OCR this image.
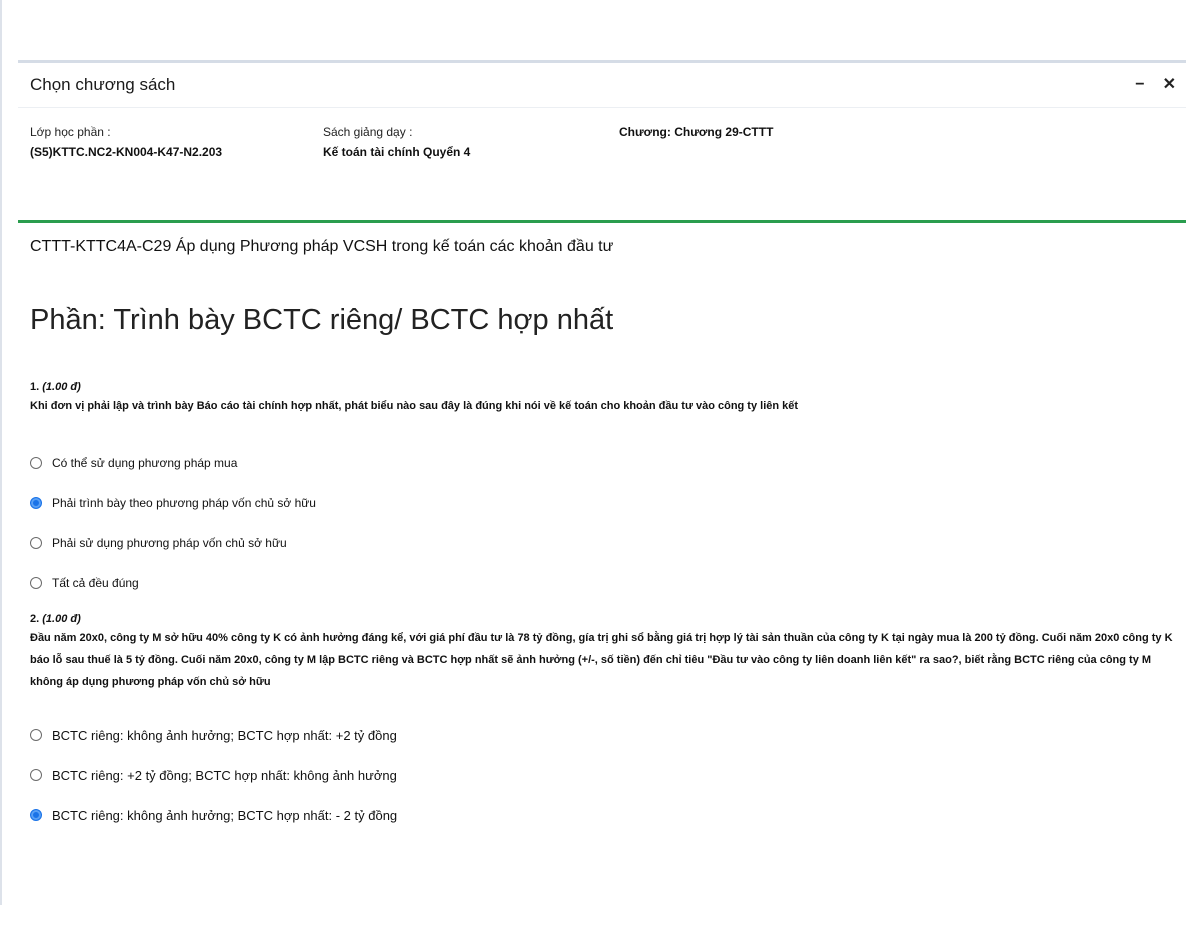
Chọn chương sách	− ✕
Lớp học phần :
(S5)KTTC.NC2-KN004-K47-N2.203
Sách giảng dạy :
Kế toán tài chính Quyển 4
Chương: Chương 29-CTTT
CTTT-KTTC4A-C29 Áp dụng Phương pháp VCSH trong kế toán các khoản đầu tư
Phần: Trình bày BCTC riêng/ BCTC hợp nhất
1. (1.00 đ)
Khi đơn vị phải lập và trình bày Báo cáo tài chính hợp nhất, phát biểu nào sau đây là đúng khi nói về kế toán cho khoản đầu tư vào công ty liên kết
Có thể sử dụng phương pháp mua
Phải trình bày theo phương pháp vốn chủ sở hữu
Phải sử dụng phương pháp vốn chủ sở hữu
Tất cả đều đúng
2. (1.00 đ)
Đầu năm 20x0, công ty M sở hữu 40% công ty K có ảnh hưởng đáng kể, với giá phí đầu tư là 78 tỷ đồng, gía trị ghi sổ bằng giá trị hợp lý tài sản thuần của công ty K tại ngày mua là 200 tỷ đồng. Cuối năm 20x0 công ty K báo lỗ sau thuế là 5 tỷ đồng. Cuối năm 20x0, công ty M lập BCTC riêng và BCTC hợp nhất sẽ ảnh hưởng (+/-, số tiền) đến chỉ tiêu "Đầu tư vào công ty liên doanh liên kết" ra sao?, biết rằng BCTC riêng của công ty M không áp dụng phương pháp vốn chủ sở hữu
BCTC riêng: không ảnh hưởng; BCTC hợp nhất: +2 tỷ đồng
BCTC riêng: +2 tỷ đồng; BCTC hợp nhất: không ảnh hưởng
BCTC riêng: không ảnh hưởng; BCTC hợp nhất: - 2 tỷ đồng
